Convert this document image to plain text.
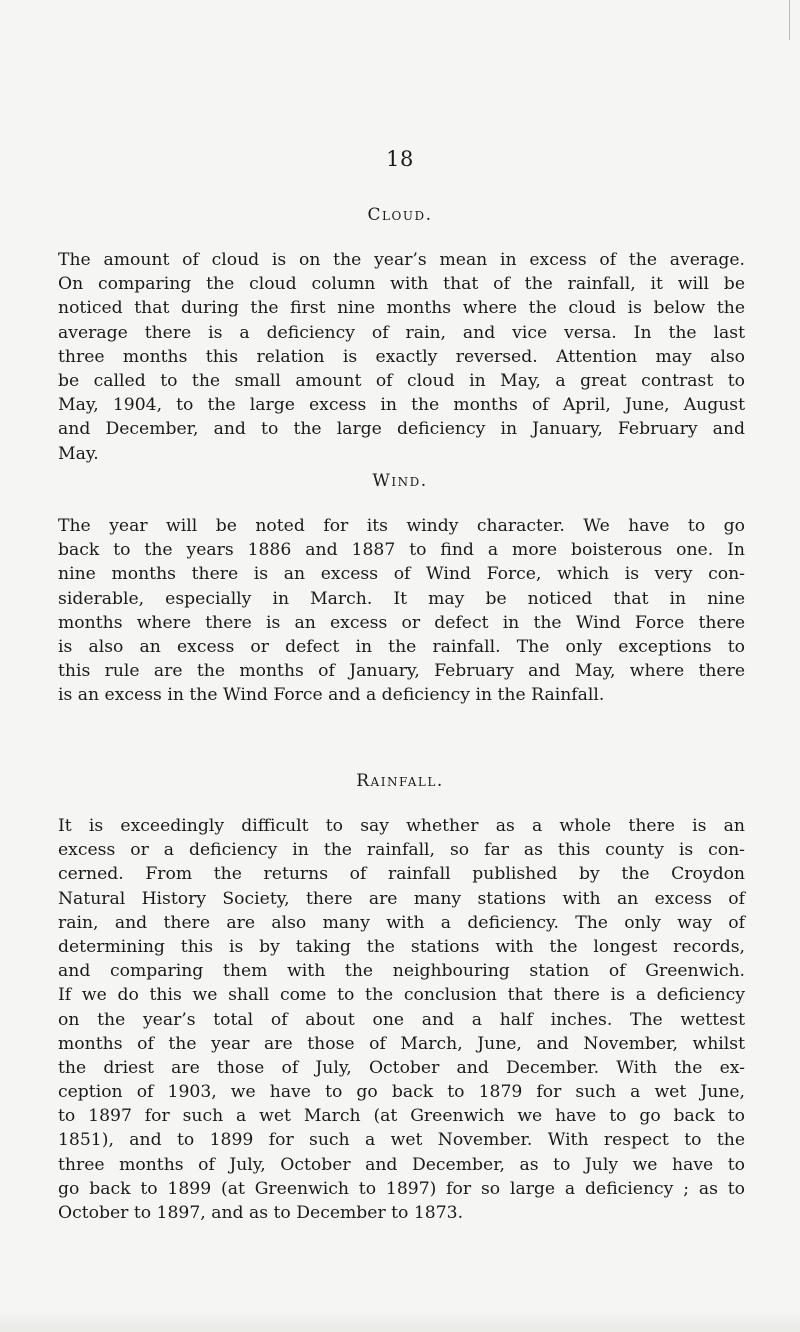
18
Cloud.
The amount of cloud is on the year’s mean in excess of the average.
On comparing the cloud column with that of the rainfall, it will be
noticed that during the first nine months where the cloud is below the
average there is a deficiency of rain, and vice versa. In the last
three months this relation is exactly reversed. Attention may also
be called to the small amount of cloud in May, a great contrast to
May, 1904, to the large excess in the months of April, June, August
and December, and to the large deficiency in January, February and
May.
Wind.
The year will be noted for its windy character. We have to go
back to the years 1886 and 1887 to find a more boisterous one. In
nine months there is an excess of Wind Force, which is very con-
siderable, especially in March. It may be noticed that in nine
months where there is an excess or defect in the Wind Force there
is also an excess or defect in the rainfall. The only exceptions to
this rule are the months of January, February and May, where there
is an excess in the Wind Force and a deficiency in the Rainfall.
Rainfall.
It is exceedingly difficult to say whether as a whole there is an
excess or a deficiency in the rainfall, so far as this county is con-
cerned. From the returns of rainfall published by the Croydon
Natural History Society, there are many stations with an excess of
rain, and there are also many with a deficiency. The only way of
determining this is by taking the stations with the longest records,
and comparing them with the neighbouring station of Greenwich.
If we do this we shall come to the conclusion that there is a deficiency
on the year’s total of about one and a half inches. The wettest
months of the year are those of March, June, and November, whilst
the driest are those of July, October and December. With the ex-
ception of 1903, we have to go back to 1879 for such a wet June,
to 1897 for such a wet March (at Greenwich we have to go back to
1851), and to 1899 for such a wet November. With respect to the
three months of July, October and December, as to July we have to
go back to 1899 (at Greenwich to 1897) for so large a deficiency ; as to
October to 1897, and as to December to 1873.
